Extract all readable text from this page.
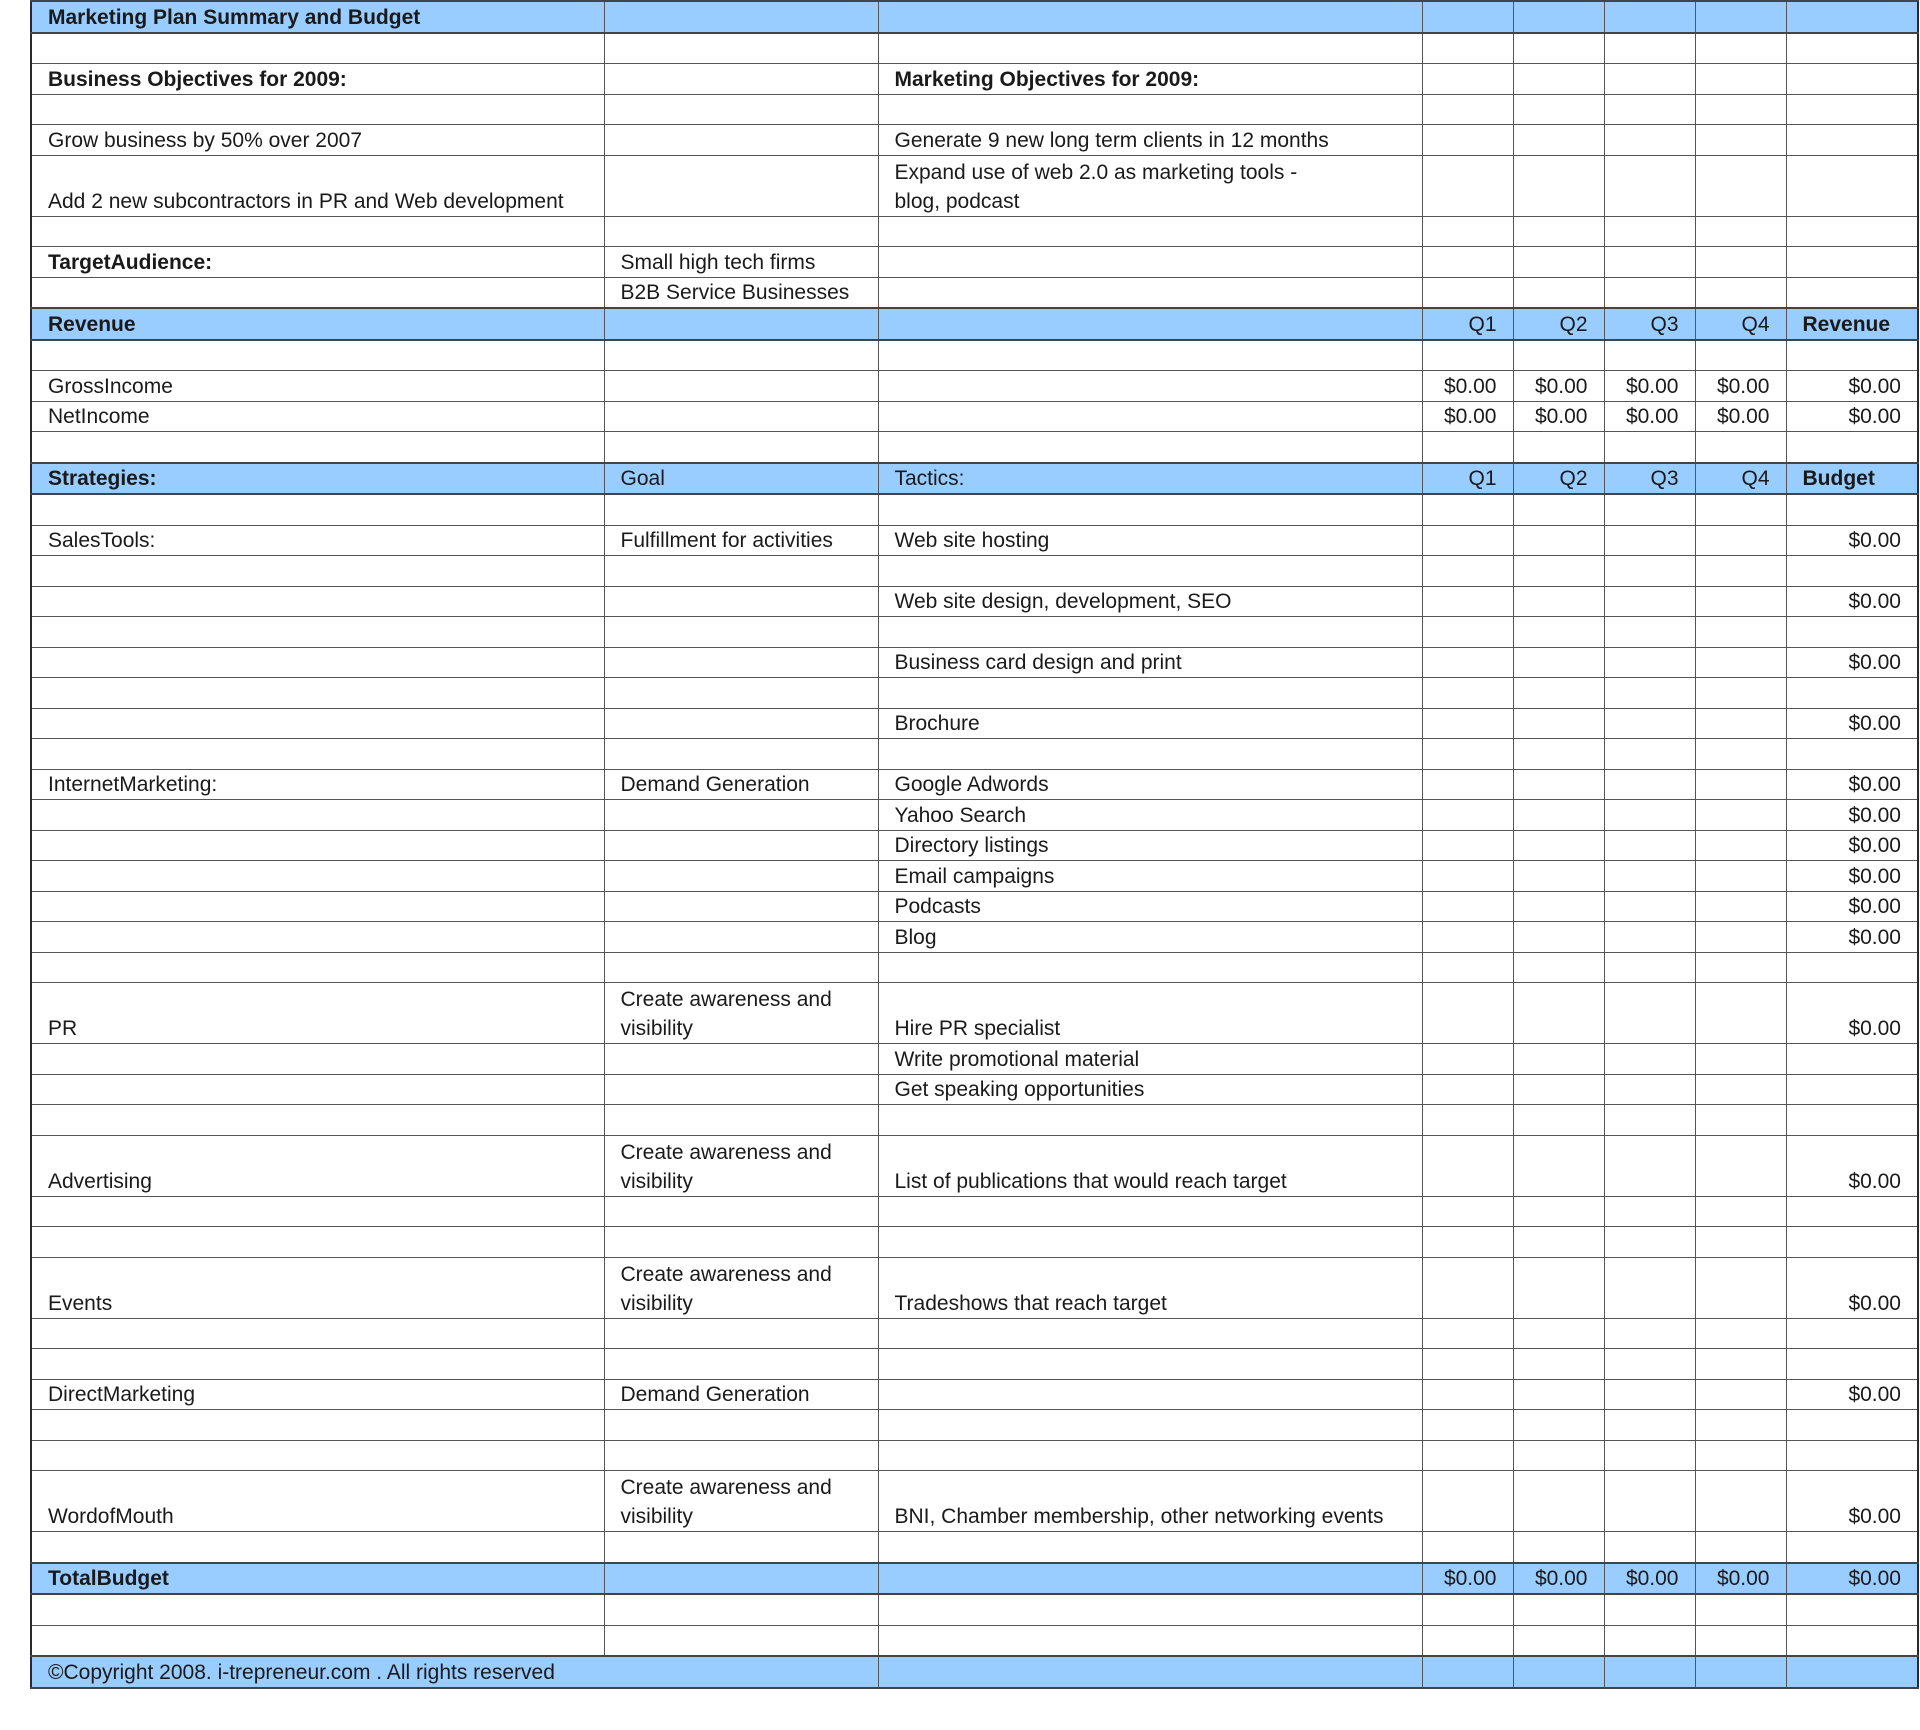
Marketing Plan Summary and Budget							

Business Objectives for 2009:		Marketing Objectives for 2009:					

Grow business by 50% over 2007		Generate 9 new long term clients in 12 months					
Add 2 new subcontractors in PR and Web development		Expand use of web 2.0 as marketing tools -
blog, podcast					

TargetAudience:	Small high tech firms						
	B2B Service Businesses						
Revenue			Q1	Q2	Q3	Q4	Revenue

GrossIncome			$0.00	$0.00	$0.00	$0.00	$0.00
NetIncome			$0.00	$0.00	$0.00	$0.00	$0.00

Strategies:	Goal	Tactics:	Q1	Q2	Q3	Q4	Budget

SalesTools:	Fulfillment for activities	Web site hosting					$0.00

		Web site design, development, SEO					$0.00

		Business card design and print					$0.00

		Brochure					$0.00

InternetMarketing:	Demand Generation	Google Adwords					$0.00
		Yahoo Search					$0.00
		Directory listings					$0.00
		Email campaigns					$0.00
		Podcasts					$0.00
		Blog					$0.00

PR	Create awareness and
visibility	Hire PR specialist					$0.00
		Write promotional material					
		Get speaking opportunities					

Advertising	Create awareness and
visibility	List of publications that would reach target					$0.00

Events	Create awareness and
visibility	Tradeshows that reach target					$0.00

DirectMarketing	Demand Generation						$0.00

WordofMouth	Create awareness and
visibility	BNI, Chamber membership, other networking events					$0.00

TotalBudget			$0.00	$0.00	$0.00	$0.00	$0.00

©Copyright 2008. i-trepreneur.com . All rights reserved							
